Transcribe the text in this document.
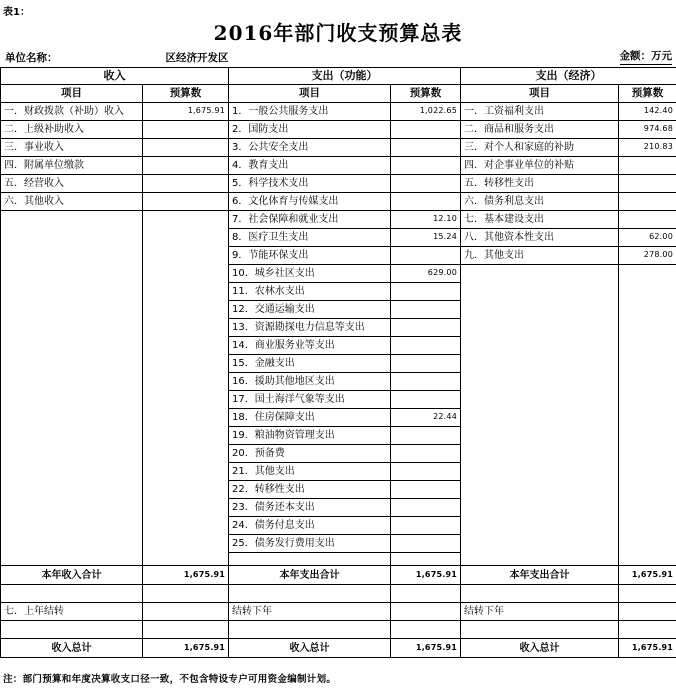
表1：
2016年部门收支预算总表
单位名称：	区经济开发区	金额：万元
收入		支出（功能）		支出（经济）	
项目	预算数	项目	预算数	项目	预算数
一．财政拨款（补助）收入	1,675.91	1．一般公共服务支出	1,022.65	一．工资福利支出	142.40
二．上级补助收入		2．国防支出		二．商品和服务支出	974.68
三．事业收入		3．公共安全支出		三．对个人和家庭的补助	210.83
四．附属单位缴款		4．教育支出		四．对企事业单位的补贴	
五．经营收入		5．科学技术支出		五．转移性支出	
六．其他收入		6．文化体育与传媒支出		六．债务利息支出	
		7．社会保障和就业支出	12.10	七．基本建设支出	
		8．医疗卫生支出	15.24	八．其他资本性支出	62.00
		9．节能环保支出		九．其他支出	278.00
		10．城乡社区支出	629.00		
		11．农林水支出			
		12．交通运输支出			
		13．资源勘探电力信息等支出			
		14．商业服务业等支出			
		15．金融支出			
		16．援助其他地区支出			
		17．国土海洋气象等支出			
		18．住房保障支出	22.44		
		19．粮油物资管理支出			
		20．预备费			
		21．其他支出			
		22．转移性支出			
		23．债务还本支出			
		24．债务付息支出			
		25．债务发行费用支出			

本年收入合计	1,675.91	本年支出合计	1,675.91	本年支出合计	1,675.91

七．上年结转		结转下年		结转下年	

收入总计	1,675.91	收入总计	1,675.91	收入总计	1,675.91
注：部门预算和年度决算收支口径一致，不包含特设专户可用资金编制计划。
